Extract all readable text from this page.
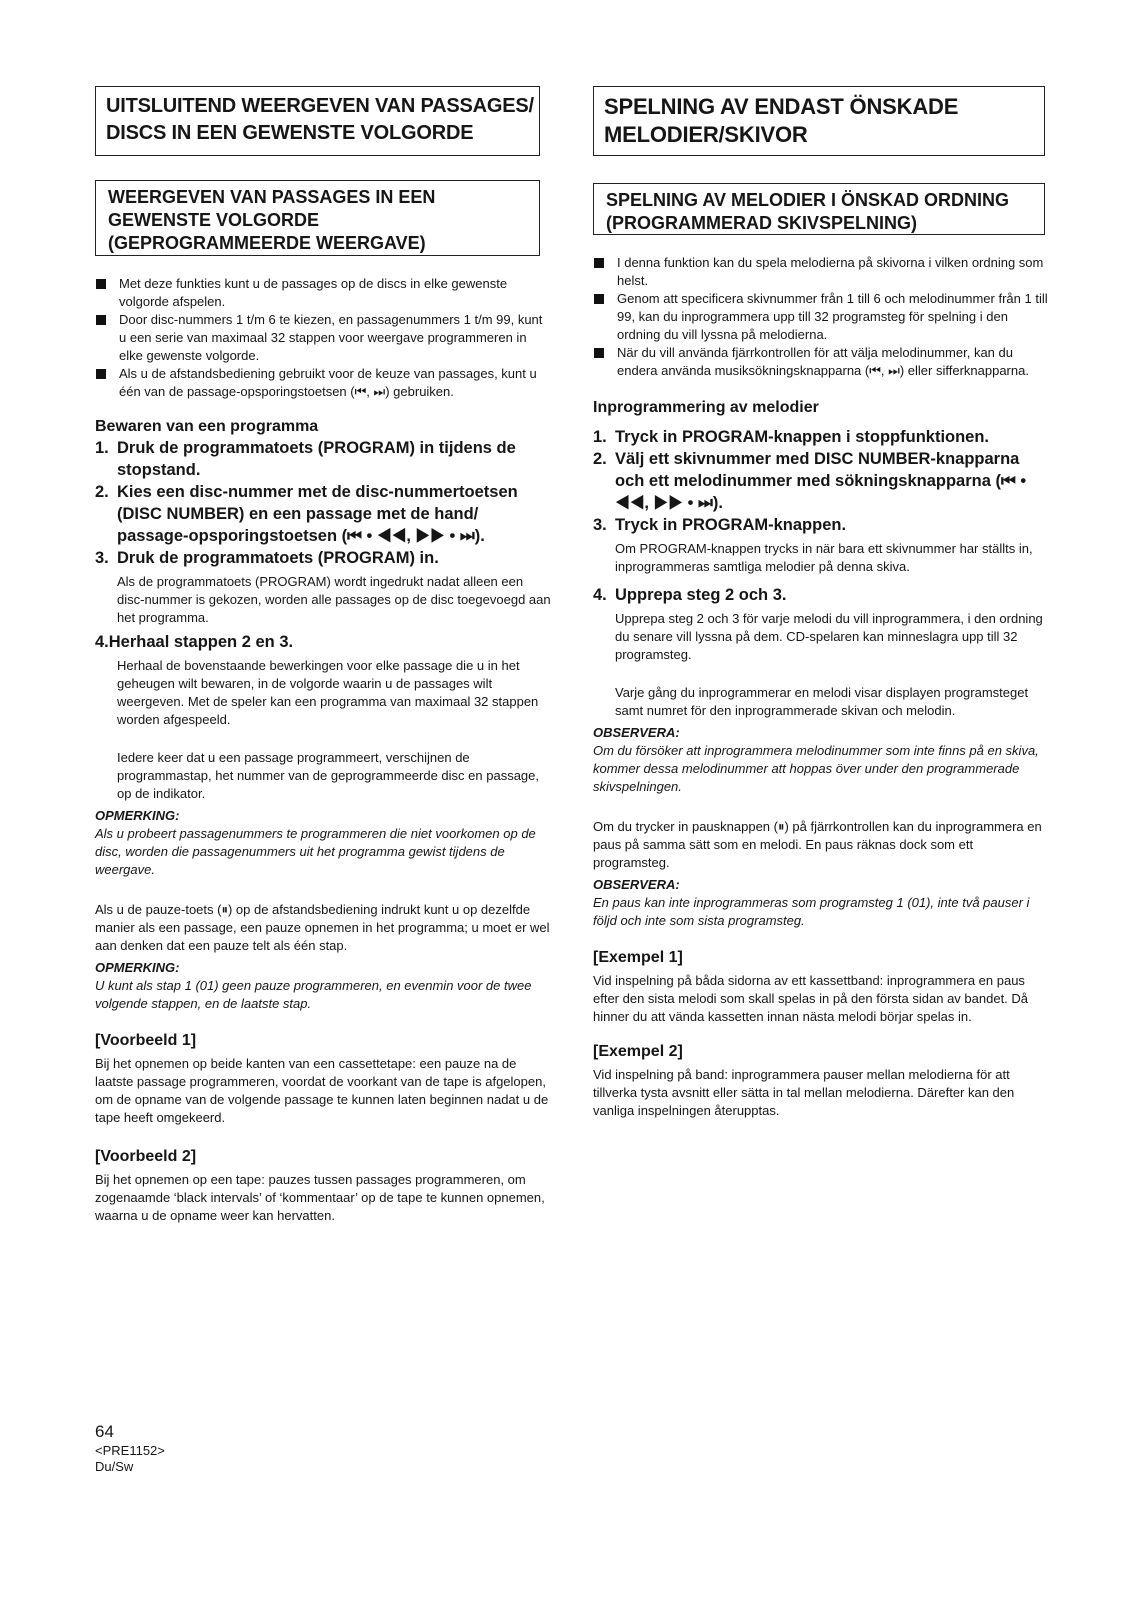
UITSLUITEND WEERGEVEN VAN PASSAGES/
DISCS IN EEN GEWENSTE VOLGORDE
WEERGEVEN VAN PASSAGES IN EEN
GEWENSTE VOLGORDE
(GEPROGRAMMEERDE WEERGAVE)

Met deze funkties kunt u de passages op de discs in elke gewenste volgorde afspelen.

Door disc-nummers 1 t/m 6 te kiezen, en passagenummers 1 t/m 99, kunt u een serie van maximaal 32 stappen voor weergave programmeren in elke gewenste volgorde.

Als u de afstandsbediening gebruikt voor de keuze van passages, kunt u één van de passage-opsporingstoetsen (⏮, ⏭) gebruiken.

Bewaren van een programma

1. Druk de programmatoets (PROGRAM) in tijdens de stopstand.
2. Kies een disc-nummer met de disc-nummertoetsen (DISC NUMBER) en een passage met de hand/ passage-opsporingstoetsen (⏮ • ◀◀, ▶▶ • ⏭).
3. Druk de programmatoets (PROGRAM) in.

Als de programmatoets (PROGRAM) wordt ingedrukt nadat alleen een disc-nummer is gekozen, worden alle passages op de disc toegevoegd aan het programma.

4.Herhaal stappen 2 en 3.

Herhaal de bovenstaande bewerkingen voor elke passage die u in het geheugen wilt bewaren, in de volgorde waarin u de passages wilt weergeven. Met de speler kan een programma van maximaal 32 stappen worden afgespeeld.

Iedere keer dat u een passage programmeert, verschijnen de programmastap, het nummer van de geprogrammeerde disc en passage, op de indikator.

OPMERKING:

Als u probeert passagenummers te programmeren die niet voorkomen op de disc, worden die passagenummers uit het programma gewist tijdens de weergave.

Als u de pauze-toets (⏸) op de afstandsbediening indrukt kunt u op dezelfde manier als een passage, een pauze opnemen in het programma; u moet er wel aan denken dat een pauze telt als één stap.

OPMERKING:

U kunt als stap 1 (01) geen pauze programmeren, en evenmin voor de twee volgende stappen, en de laatste stap.

[Voorbeeld 1]

Bij het opnemen op beide kanten van een cassettetape: een pauze na de laatste passage programmeren, voordat de voorkant van de tape is afgelopen, om de opname van de volgende passage te kunnen laten beginnen nadat u de tape heeft omgekeerd.

[Voorbeeld 2]

Bij het opnemen op een tape: pauzes tussen passages programmeren, om zogenaamde ‘black intervals’ of ‘kommentaar’ op de tape te kunnen opnemen, waarna u de opname weer kan hervatten.

SPELNING AV ENDAST ÖNSKADE
MELODIER/SKIVOR
SPELNING AV MELODIER I ÖNSKAD ORDNING
(PROGRAMMERAD SKIVSPELNING)

I denna funktion kan du spela melodierna på skivorna i vilken ordning som helst.

Genom att specificera skivnummer från 1 till 6 och melodinummer från 1 till 99, kan du inprogrammera upp till 32 programsteg för spelning i den ordning du vill lyssna på melodierna.

När du vill använda fjärrkontrollen för att välja melodinummer, kan du endera använda musiksökningsknapparna (⏮, ⏭) eller sifferknapparna.

Inprogrammering av melodier

1. Tryck in PROGRAM-knappen i stoppfunktionen.
2. Välj ett skivnummer med DISC NUMBER-knapparna och ett melodinummer med sökningsknapparna (⏮ • ◀◀, ▶▶ • ⏭).
3. Tryck in PROGRAM-knappen.

Om PROGRAM-knappen trycks in när bara ett skivnummer har ställts in, inprogrammeras samtliga melodier på denna skiva.

4. Upprepa steg 2 och 3.

Upprepa steg 2 och 3 för varje melodi du vill inprogrammera, i den ordning du senare vill lyssna på dem. CD-spelaren kan minneslagra upp till 32 programsteg.

Varje gång du inprogrammerar en melodi visar displayen programsteget samt numret för den inprogrammerade skivan och melodin.

OBSERVERA:

Om du försöker att inprogrammera melodinummer som inte finns på en skiva, kommer dessa melodinummer att hoppas över under den programmerade skivspelningen.

Om du trycker in pausknappen (⏸) på fjärrkontrollen kan du inprogrammera en paus på samma sätt som en melodi. En paus räknas dock som ett programsteg.

OBSERVERA:

En paus kan inte inprogrammeras som programsteg 1 (01), inte två pauser i följd och inte som sista programsteg.

[Exempel 1]

Vid inspelning på båda sidorna av ett kassettband: inprogrammera en paus efter den sista melodi som skall spelas in på den första sidan av bandet. Då hinner du att vända kassetten innan nästa melodi börjar spelas in.

[Exempel 2]

Vid inspelning på band: inprogrammera pauser mellan melodierna för att tillverka tysta avsnitt eller sätta in tal mellan melodierna. Därefter kan den vanliga inspelningen återupptas.

64
<PRE1152>
Du/Sw
